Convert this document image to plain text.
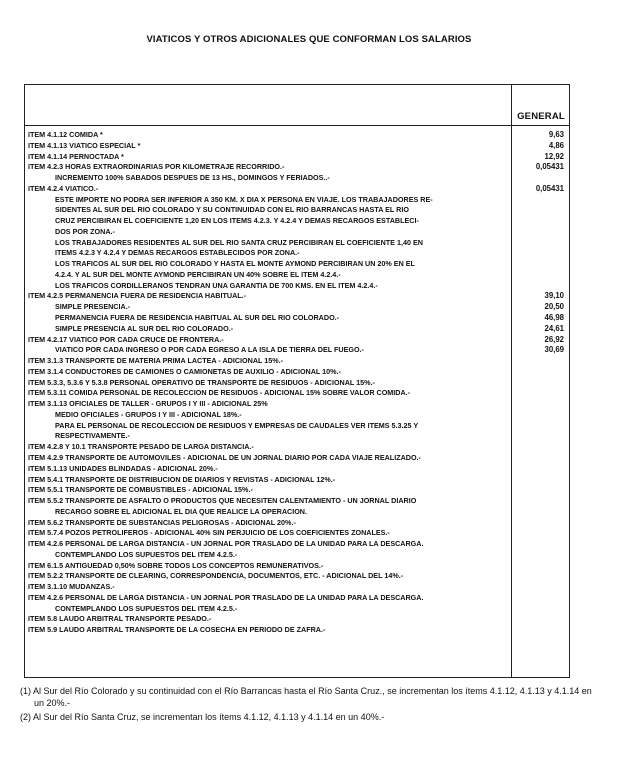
VIATICOS Y OTROS ADICIONALES QUE CONFORMAN LOS SALARIOS
GENERAL
ITEM 4.1.12 COMIDA *	9,63
ITEM 4.1.13 VIATICO ESPECIAL *	4,86
ITEM 4.1.14 PERNOCTADA *	12,92
ITEM 4.2.3 HORAS EXTRAORDINARIAS POR KILOMETRAJE RECORRIDO.-	0,05431
INCREMENTO 100% SABADOS DESPUES DE 13 HS., DOMINGOS Y FERIADOS..-
ITEM 4.2.4 VIATICO.-	0,05431
ESTE IMPORTE NO PODRA SER INFERIOR A 350 KM. X DIA X PERSONA EN VIAJE. LOS TRABAJADORES RE-
SIDENTES AL SUR DEL RIO COLORADO Y SU CONTINUIDAD CON EL RIO BARRANCAS HASTA EL RIO
CRUZ PERCIBIRAN EL COEFICIENTE 1,20 EN LOS ITEMS 4.2.3. Y 4.2.4 Y DEMAS RECARGOS ESTABLECI-
DOS POR ZONA.-
LOS TRABAJADORES RESIDENTES AL SUR DEL RIO SANTA CRUZ PERCIBIRAN EL COEFICIENTE 1,40 EN
ITEMS 4.2.3 Y 4.2.4 Y DEMAS RECARGOS ESTABLECIDOS POR ZONA.-
LOS TRAFICOS AL SUR DEL RIO COLORADO Y HASTA EL MONTE AYMOND PERCIBIRAN UN 20% EN EL
4.2.4. Y AL SUR DEL MONTE AYMOND PERCIBIRAN UN 40% SOBRE EL ITEM 4.2.4.-
LOS TRAFICOS CORDILLERANOS TENDRAN UNA GARANTIA DE 700 KMS. EN EL ITEM 4.2.4.-
ITEM 4.2.5 PERMANENCIA FUERA DE RESIDENCIA HABITUAL.-	39,10
SIMPLE PRESENCIA.-	20,50
PERMANENCIA FUERA DE RESIDENCIA HABITUAL AL SUR DEL RIO COLORADO.-	46,98
SIMPLE PRESENCIA AL SUR DEL RIO COLORADO.-	24,61
ITEM 4.2.17 VIATICO POR CADA CRUCE DE FRONTERA.-	26,92
VIATICO POR CADA INGRESO O POR CADA EGRESO A LA ISLA DE TIERRA DEL FUEGO.-	30,69
ITEM 3.1.3 TRANSPORTE DE MATERIA PRIMA LACTEA - ADICIONAL 15%.-
ITEM 3.1.4 CONDUCTORES DE CAMIONES O CAMIONETAS DE AUXILIO - ADICIONAL 10%.-
ITEM 5.3.3, 5.3.6 Y 5.3.8 PERSONAL OPERATIVO DE TRANSPORTE DE RESIDUOS - ADICIONAL 15%.-
ITEM 5.3.11 COMIDA PERSONAL DE RECOLECCION DE RESIDUOS - ADICIONAL 15% SOBRE VALOR COMIDA.-
ITEM 3.1.13 OFICIALES DE TALLER - GRUPOS I Y III - ADICIONAL 25%
MEDIO OFICIALES - GRUPOS I Y III - ADICIONAL 18%.-
PARA EL PERSONAL DE RECOLECCION DE RESIDUOS Y EMPRESAS DE CAUDALES VER ITEMS 5.3.25 Y
RESPECTIVAMENTE.-
ITEM 4.2.8 Y 10.1 TRANSPORTE PESADO DE LARGA DISTANCIA.-
ITEM 4.2.9 TRANSPORTE DE AUTOMOVILES - ADICIONAL DE UN JORNAL DIARIO POR CADA VIAJE REALIZADO.-
ITEM 5.1.13 UNIDADES BLINDADAS - ADICIONAL 20%.-
ITEM 5.4.1 TRANSPORTE DE DISTRIBUCION DE DIARIOS Y REVISTAS - ADICIONAL 12%.-
ITEM 5.5.1 TRANSPORTE DE COMBUSTIBLES - ADICIONAL 15%.-
ITEM 5.5.2 TRANSPORTE DE ASFALTO O PRODUCTOS QUE NECESITEN CALENTAMIENTO - UN JORNAL DIARIO
RECARGO SOBRE EL ADICIONAL EL DIA QUE REALICE LA OPERACION.
ITEM 5.6.2 TRANSPORTE DE SUBSTANCIAS PELIGROSAS - ADICIONAL 20%.-
ITEM 5.7.4 POZOS PETROLIFEROS - ADICIONAL 40% SIN PERJUICIO DE LOS COEFICIENTES ZONALES.-
ITEM 4.2.6 PERSONAL DE LARGA DISTANCIA - UN JORNAL POR TRASLADO DE LA UNIDAD PARA LA DESCARGA.
CONTEMPLANDO LOS SUPUESTOS DEL ITEM 4.2.5.-
ITEM 6.1.5 ANTIGUEDAD 0,50% SOBRE TODOS LOS CONCEPTOS REMUNERATIVOS.-
ITEM 5.2.2 TRANSPORTE DE CLEARING, CORRESPONDENCIA, DOCUMENTOS, ETC. - ADICIONAL DEL 14%.-
ITEM 3.1.10 MUDANZAS.-
ITEM 4.2.6 PERSONAL DE LARGA DISTANCIA - UN JORNAL POR TRASLADO DE LA UNIDAD PARA LA DESCARGA.
CONTEMPLANDO LOS SUPUESTOS DEL ITEM 4.2.5.-
ITEM 5.8 LAUDO ARBITRAL TRANSPORTE PESADO.-
ITEM 5.9 LAUDO ARBITRAL TRANSPORTE DE LA COSECHA EN PERIODO DE ZAFRA.-
(1) Al Sur del Río Colorado y su continuidad con el Río Barrancas hasta el Río Santa Cruz., se incrementan los ítems 4.1.12, 4.1.13 y 4.1.14 en un 20%.-
(2) Al Sur del Río Santa Cruz, se incrementan los ítems 4.1.12, 4.1.13 y 4.1.14 en un 40%.-
